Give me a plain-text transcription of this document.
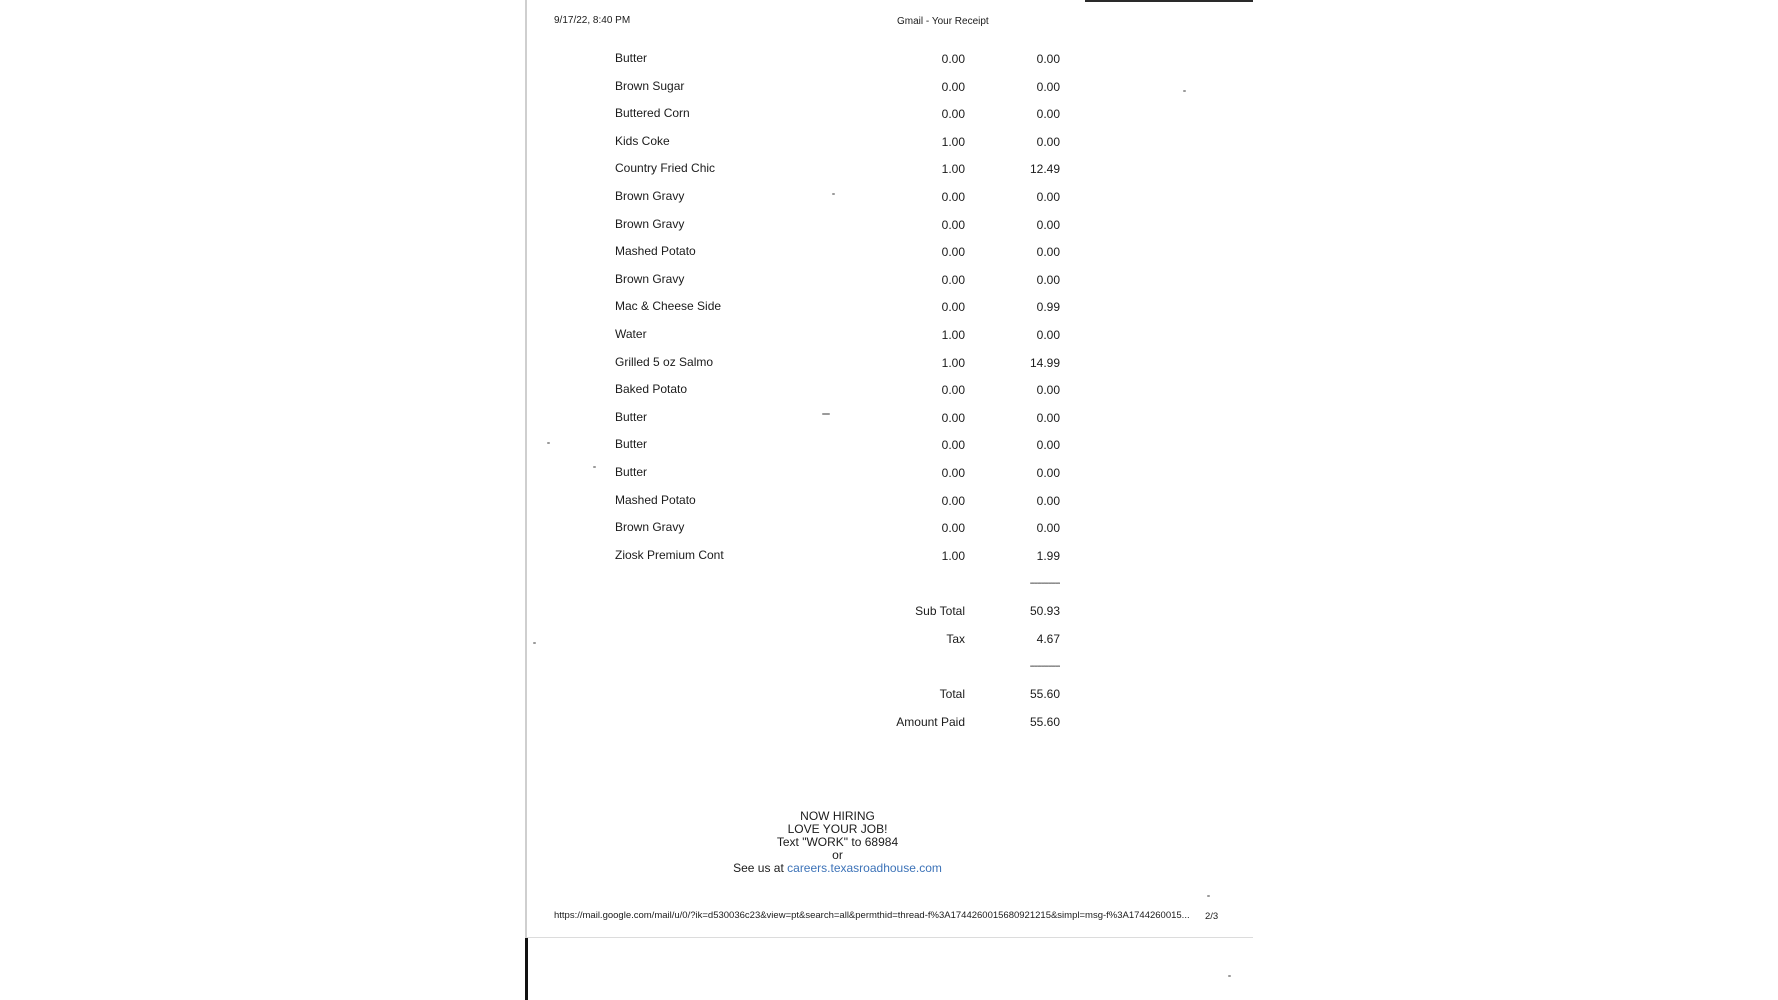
9/17/22, 8:40 PM	Gmail - Your Receipt
Butter	0.00	0.00
Brown Sugar	0.00	0.00
Buttered Corn	0.00	0.00
Kids Coke	1.00	0.00
Country Fried Chic	1.00	12.49
Brown Gravy	0.00	0.00
Brown Gravy	0.00	0.00
Mashed Potato	0.00	0.00
Brown Gravy	0.00	0.00
Mac & Cheese Side	0.00	0.99
Water	1.00	0.00
Grilled 5 oz Salmo	1.00	14.99
Baked Potato	0.00	0.00
Butter	0.00	0.00
Butter	0.00	0.00
Butter	0.00	0.00
Mashed Potato	0.00	0.00
Brown Gravy	0.00	0.00
Ziosk Premium Cont	1.00	1.99
-------------
Sub Total	50.93
Tax	4.67
-------------
Total	55.60
Amount Paid	55.60
NOW HIRING
LOVE YOUR JOB!
Text "WORK" to 68984
or
See us at careers.texasroadhouse.com
https://mail.google.com/mail/u/0/?ik=d530036c23&view=pt&search=all&permthid=thread-f%3A1744260015680921215&simpl=msg-f%3A1744260015...	2/3
